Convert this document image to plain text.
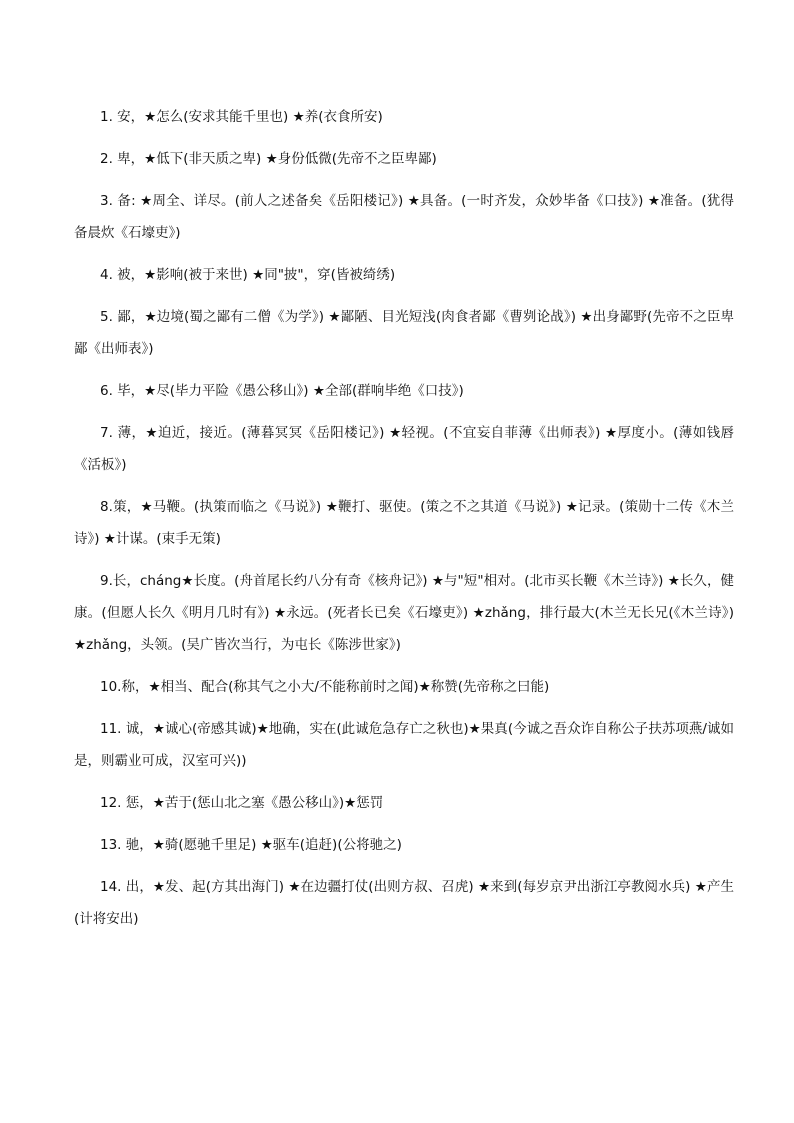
1. 安，★怎么(安求其能千里也) ★养(衣食所安)

2. 卑，★低下(非天质之卑) ★身份低微(先帝不之臣卑鄙)

3. 备: ★周全、详尽。(前人之述备矣《岳阳楼记》) ★具备。(一时齐发，众妙毕备《口技》) ★准备。(犹得备晨炊《石壕吏》)

4. 被，★影响(被于来世) ★同"披"，穿(皆被绮绣)

5. 鄙，★边境(蜀之鄙有二僧《为学》) ★鄙陋、目光短浅(肉食者鄙《曹刿论战》) ★出身鄙野(先帝不之臣卑鄙《出师表》)

6. 毕，★尽(毕力平险《愚公移山》) ★全部(群响毕绝《口技》)

7. 薄，★迫近，接近。(薄暮冥冥《岳阳楼记》) ★轻视。(不宜妄自菲薄《出师表》) ★厚度小。(薄如钱唇《活板》)

8.策，★马鞭。(执策而临之《马说》) ★鞭打、驱使。(策之不之其道《马说》) ★记录。(策勋十二传《木兰诗》) ★计谋。(束手无策)

9.长，cháng★长度。(舟首尾长约八分有奇《核舟记》) ★与"短"相对。(北市买长鞭《木兰诗》) ★长久，健康。(但愿人长久《明月几时有》) ★永远。(死者长已矣《石壕吏》) ★zhǎng，排行最大(木兰无长兄(《木兰诗》) ★zhǎng，头领。(吴广皆次当行，为屯长《陈涉世家》)

10.称，★相当、配合(称其气之小大/不能称前时之闻)★称赞(先帝称之曰能)

11. 诚，★诚心(帝感其诚)★地确，实在(此诚危急存亡之秋也)★果真(今诚之吾众诈自称公子扶苏项燕/诚如是，则霸业可成，汉室可兴))

12. 惩，★苦于(惩山北之塞《愚公移山》)★惩罚

13. 驰，★骑(愿驰千里足) ★驱车(追赶)(公将驰之)

14. 出，★发、起(方其出海门) ★在边疆打仗(出则方叔、召虎) ★来到(每岁京尹出浙江亭教阅水兵) ★产生(计将安出)
